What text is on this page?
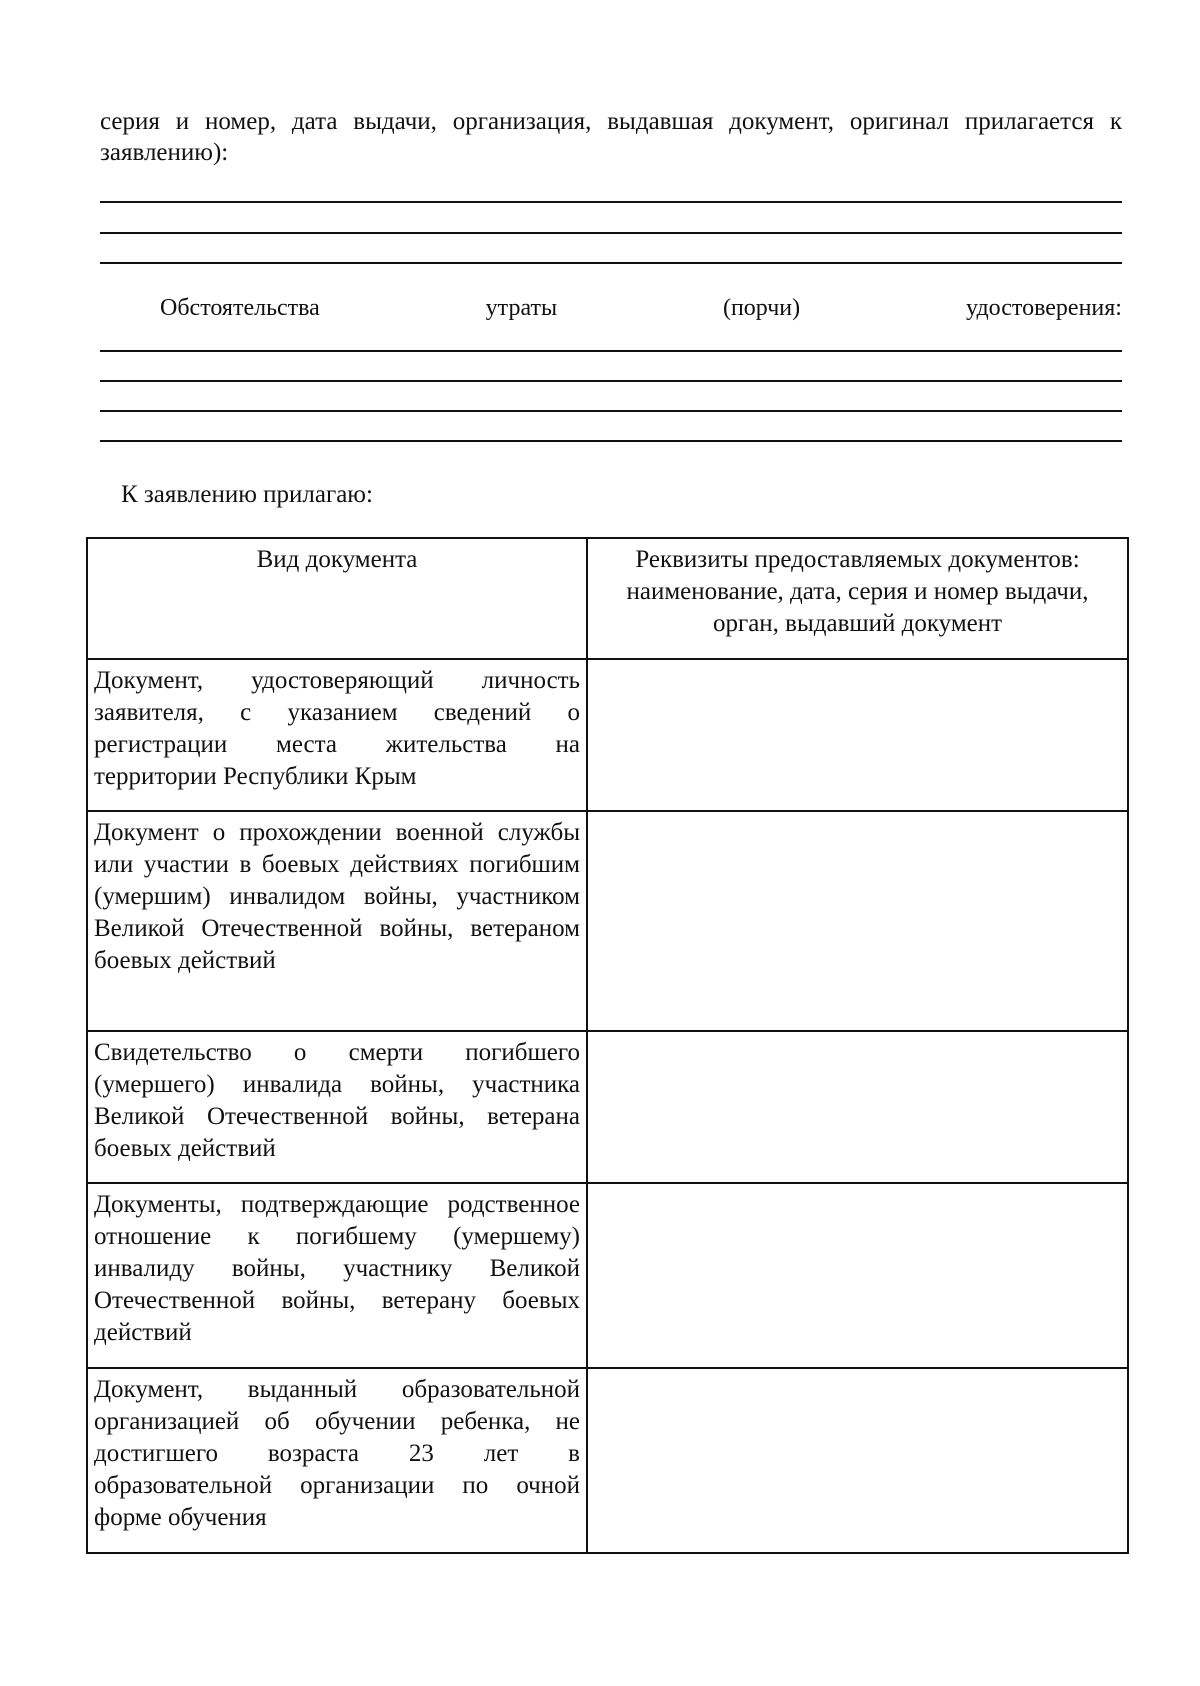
серия и номер, дата выдачи, организация, выдавшая документ, оригинал прилагается к заявлению):
Обстоятельства	утраты	(порчи)	удостоверения:
К заявлению прилагаю:
Вид документа	Реквизиты предоставляемых документов: наименование, дата, серия и номер выдачи, орган, выдавший документ
Документ, удостоверяющий личность заявителя, с указанием сведений о регистрации места жительства на территории Республики Крым	
Документ о прохождении военной службы или участии в боевых действиях погибшим (умершим) инвалидом войны, участником Великой Отечественной войны, ветераном боевых действий	
Свидетельство о смерти погибшего (умершего) инвалида войны, участника Великой Отечественной войны, ветерана боевых действий	
Документы, подтверждающие родственное отношение к погибшему (умершему) инвалиду войны, участнику Великой Отечественной войны, ветерану боевых действий	
Документ, выданный образовательной организацией об обучении ребенка, не достигшего возраста 23 лет в образовательной организации по очной форме обучения	
